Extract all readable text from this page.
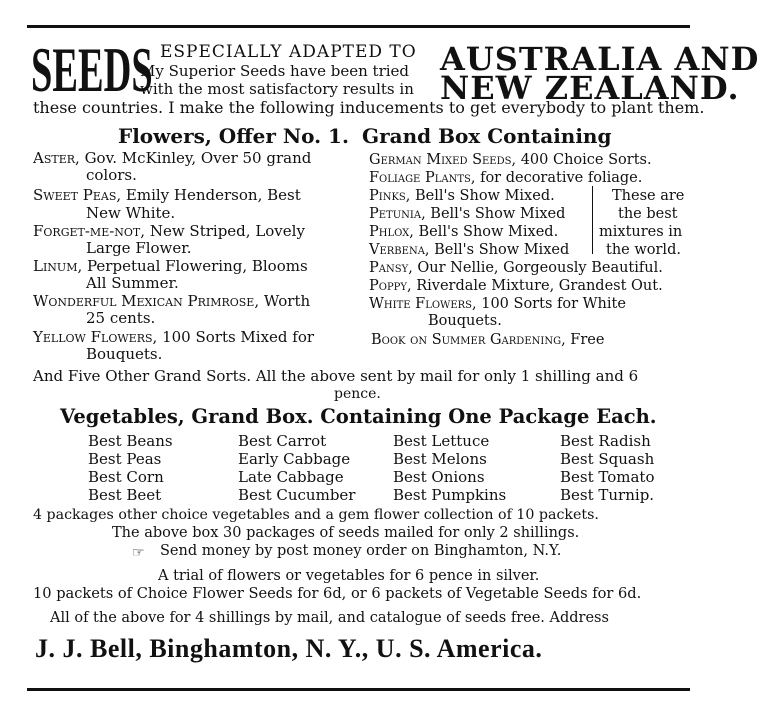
SEEDS ESPECIALLY ADAPTED TO
My Superior Seeds have been tried
with the most satisfactory results in
AUSTRALIA AND
NEW ZEALAND.
these countries. I make the following inducements to get everybody to plant them.
Flowers, Offer No. 1. Grand Box Containing
Aster, Gov. McKinley, Over 50 grand
colors.
Sweet Peas, Emily Henderson, Best
New White.
Forget-me-not, New Striped, Lovely
Large Flower.
Linum, Perpetual Flowering, Blooms
All Summer.
Wonderful Mexican Primrose, Worth
25 cents.
Yellow Flowers, 100 Sorts Mixed for
Bouquets.
German Mixed Seeds, 400 Choice Sorts.
Foliage Plants, for decorative foliage.
Pinks, Bell's Show Mixed.
Petunia, Bell's Show Mixed
Phlox, Bell's Show Mixed.
Verbena, Bell's Show Mixed
Pansy, Our Nellie, Gorgeously Beautiful.
Poppy, Riverdale Mixture, Grandest Out.
White Flowers, 100 Sorts for White
Bouquets.
Book on Summer Gardening, Free
These are
the best
mixtures in
the world.
And Five Other Grand Sorts. All the above sent by mail for only 1 shilling and 6
pence.
Vegetables, Grand Box. Containing One Package Each.
Best Beans
Best Peas
Best Corn
Best Beet
Best Carrot
Early Cabbage
Late Cabbage
Best Cucumber
Best Lettuce
Best Melons
Best Onions
Best Pumpkins
Best Radish
Best Squash
Best Tomato
Best Turnip.
4 packages other choice vegetables and a gem flower collection of 10 packets.
The above box 30 packages of seeds mailed for only 2 shillings.
☞ Send money by post money order on Binghamton, N.Y.
A trial of flowers or vegetables for 6 pence in silver.
10 packets of Choice Flower Seeds for 6d, or 6 packets of Vegetable Seeds for 6d.
All of the above for 4 shillings by mail, and catalogue of seeds free. Address
J. J. Bell, Binghamton, N. Y., U. S. America.
